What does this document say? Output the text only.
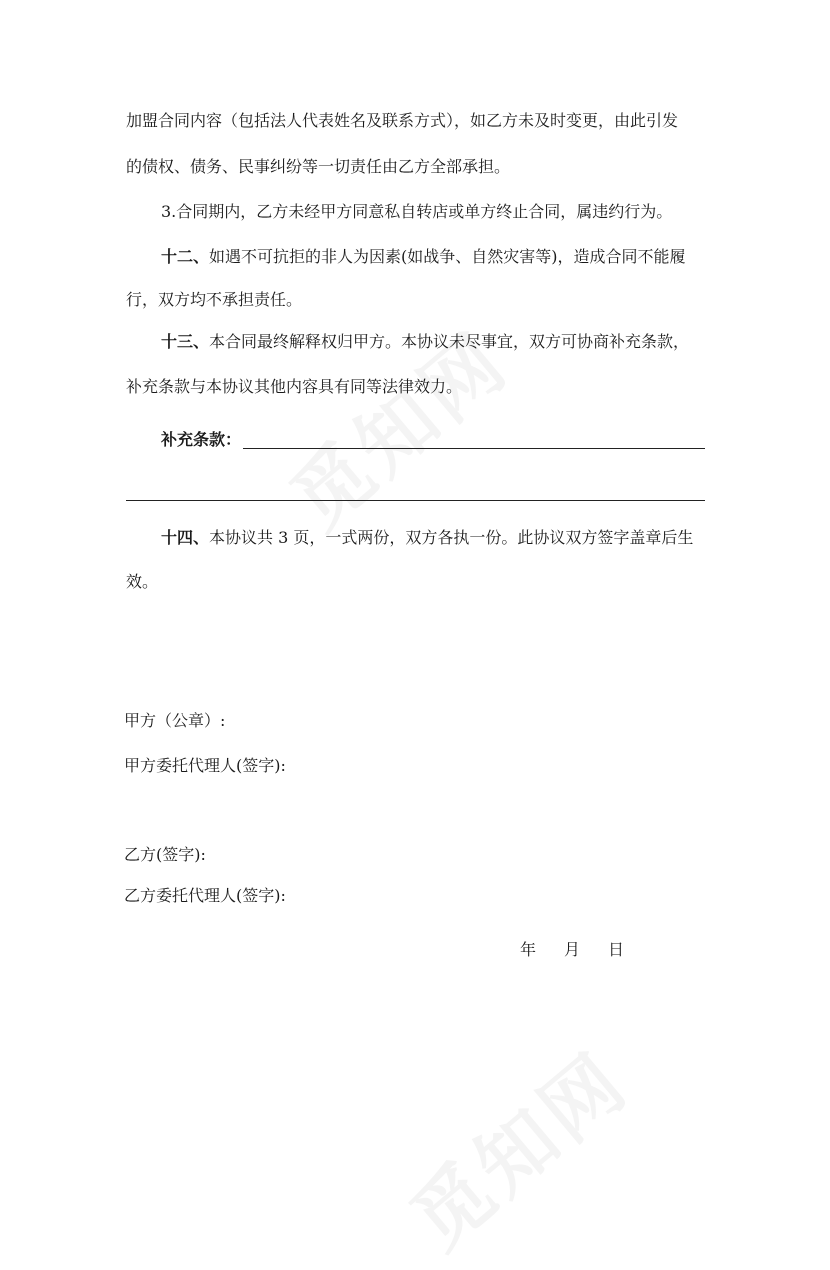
加盟合同内容（包括法人代表姓名及联系方式），如乙方未及时变更，由此引发
的债权、债务、民事纠纷等一切责任由乙方全部承担。
3.合同期内，乙方未经甲方同意私自转店或单方终止合同，属违约行为。
十二、如遇不可抗拒的非人为因素(如战争、自然灾害等)，造成合同不能履
行，双方均不承担责任。
十三、本合同最终解释权归甲方。本协议未尽事宜，双方可协商补充条款，
补充条款与本协议其他内容具有同等法律效力。
补充条款：
十四、本协议共 3 页，一式两份，双方各执一份。此协议双方签字盖章后生
效。
甲方（公章）:
甲方委托代理人(签字):
乙方(签字):
乙方委托代理人(签字):
年 月 日
